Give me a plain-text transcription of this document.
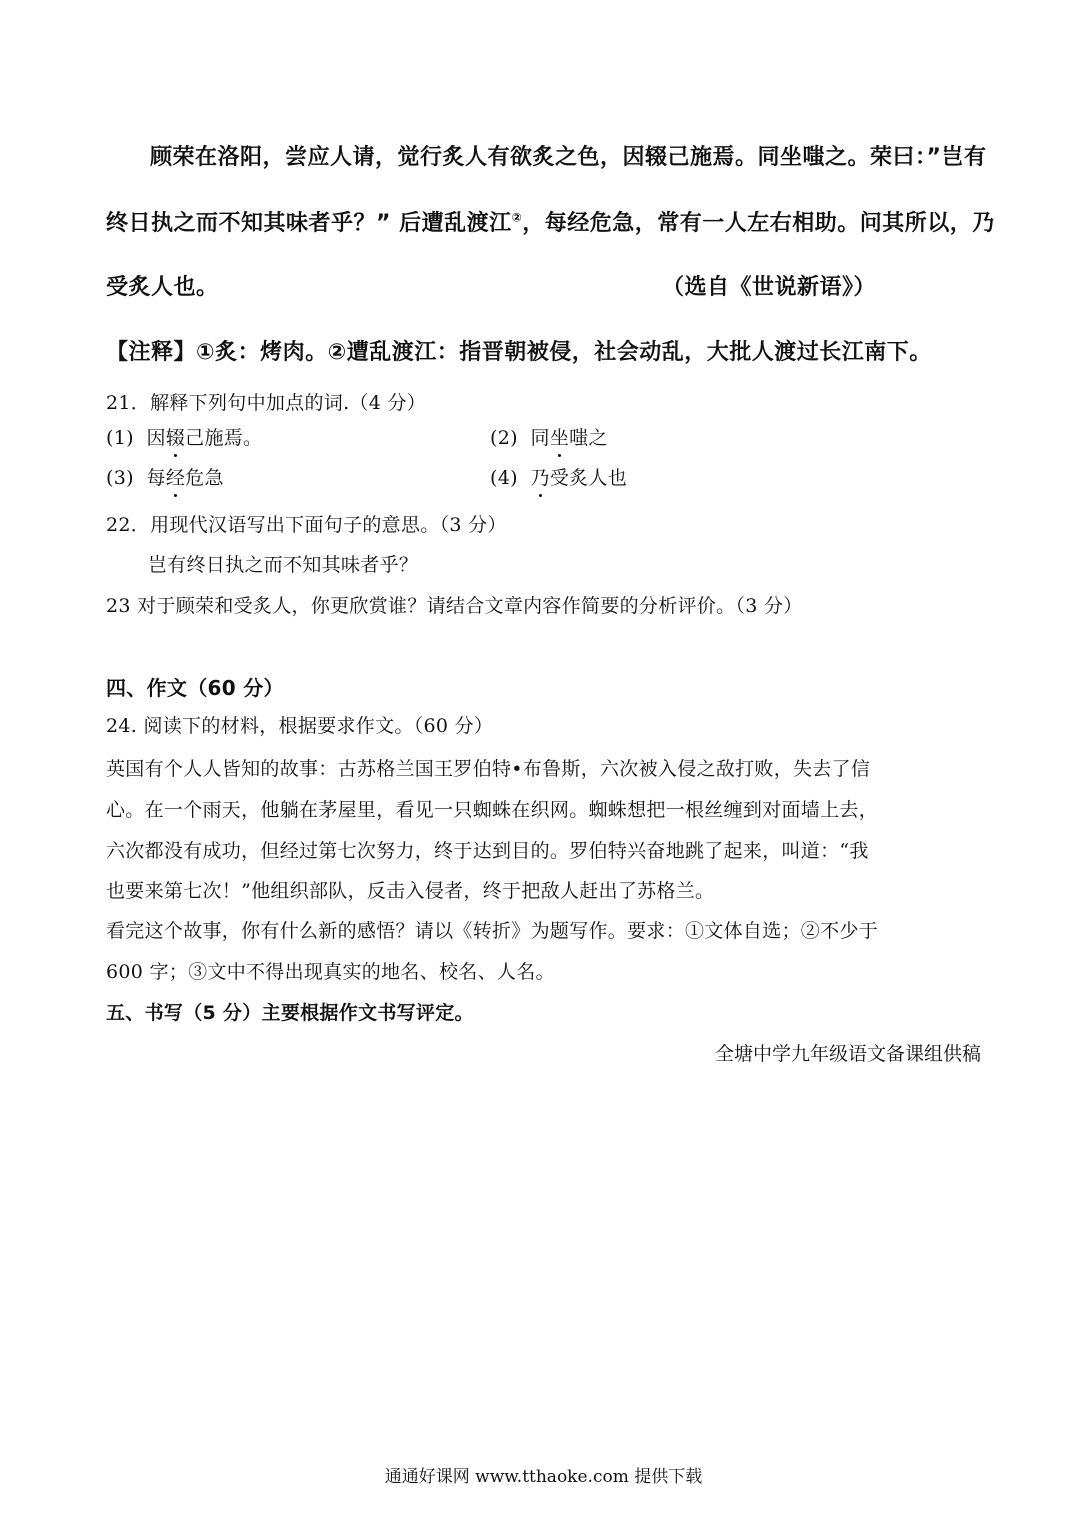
顾荣在洛阳，尝应人请，觉行炙人有欲炙之色，因辍己施焉。同坐嗤之。荣曰：”岂有
终日执之而不知其味者乎？” 后遭乱渡江②，每经危急，常有一人左右相助。问其所以，乃
受炙人也。	（选自《世说新语》）
【注释】①炙：烤肉。②遭乱渡江：指晋朝被侵，社会动乱，大批人渡过长江南下。
21．解释下列句中加点的词.（4 分）
(1) 因辍己施焉。	(2) 同坐嗤之
(3) 每经危急	(4) 乃受炙人也
22．用现代汉语写出下面句子的意思。（3 分）
岂有终日执之而不知其味者乎？
23 对于顾荣和受炙人，你更欣赏谁？请结合文章内容作简要的分析评价。（3 分）
四、作文（60 分）
24. 阅读下的材料，根据要求作文。（60 分）
英国有个人人皆知的故事：古苏格兰国王罗伯特•布鲁斯，六次被入侵之敌打败，失去了信
心。在一个雨天，他躺在茅屋里，看见一只蜘蛛在织网。蜘蛛想把一根丝缠到对面墙上去，
六次都没有成功，但经过第七次努力，终于达到目的。罗伯特兴奋地跳了起来，叫道：“我
也要来第七次！”他组织部队，反击入侵者，终于把敌人赶出了苏格兰。
看完这个故事，你有什么新的感悟？请以《转折》为题写作。要求：①文体自选；②不少于
600 字；③文中不得出现真实的地名、校名、人名。
五、书写（5 分）主要根据作文书写评定。
全塘中学九年级语文备课组供稿
通通好课网 www.tthaoke.com 提供下载
